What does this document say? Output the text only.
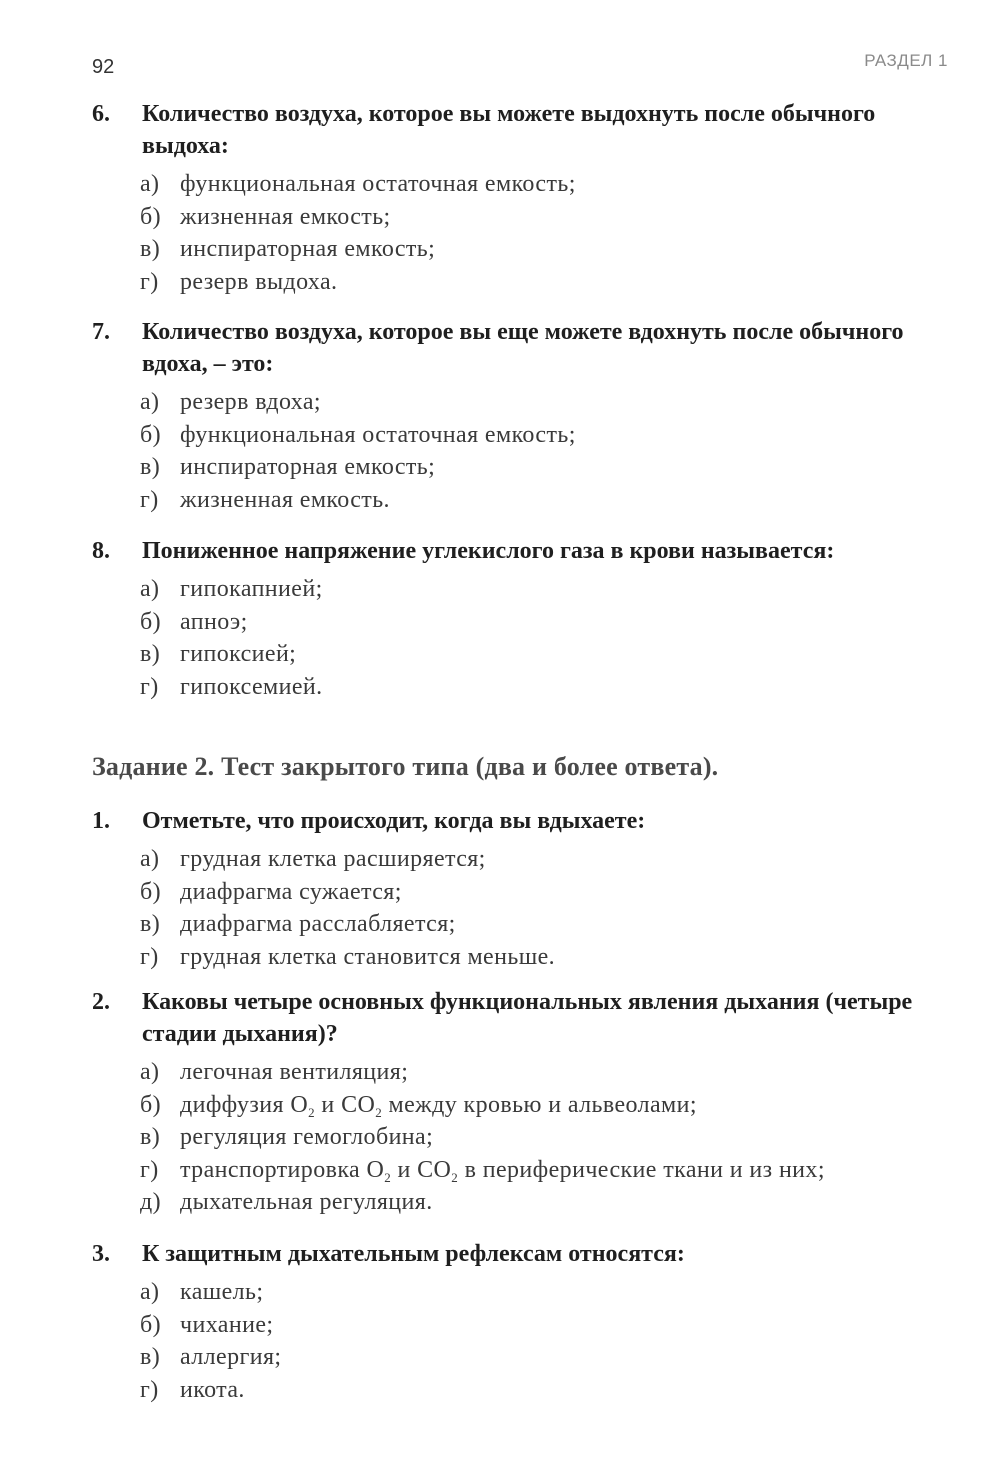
92	РАЗДЕЛ 1
6.	Количество воздуха, которое вы можете выдохнуть после обычного выдоха:
а) функциональная остаточная емкость;
б) жизненная емкость;
в) инспираторная емкость;
г) резерв выдоха.
7.	Количество воздуха, которое вы еще можете вдохнуть после обычного вдоха, – это:
а) резерв вдоха;
б) функциональная остаточная емкость;
в) инспираторная емкость;
г) жизненная емкость.
8.	Пониженное напряжение углекислого газа в крови называется:
а) гипокапнией;
б) апноэ;
в) гипоксией;
г) гипоксемией.
Задание 2. Тест закрытого типа (два и более ответа).
1.	Отметьте, что происходит, когда вы вдыхаете:
а) грудная клетка расширяется;
б) диафрагма сужается;
в) диафрагма расслабляется;
г) грудная клетка становится меньше.
2.	Каковы четыре основных функциональных явления дыхания (четыре стадии дыхания)?
а) легочная вентиляция;
б) диффузия $O_2$ и $CO_2$ между кровью и альвеолами;
в) регуляция гемоглобина;
г) транспортировка $O_2$ и $CO_2$ в периферические ткани и из них;
д) дыхательная регуляция.
3.	К защитным дыхательным рефлексам относятся:
а) кашель;
б) чихание;
в) аллергия;
г) икота.
